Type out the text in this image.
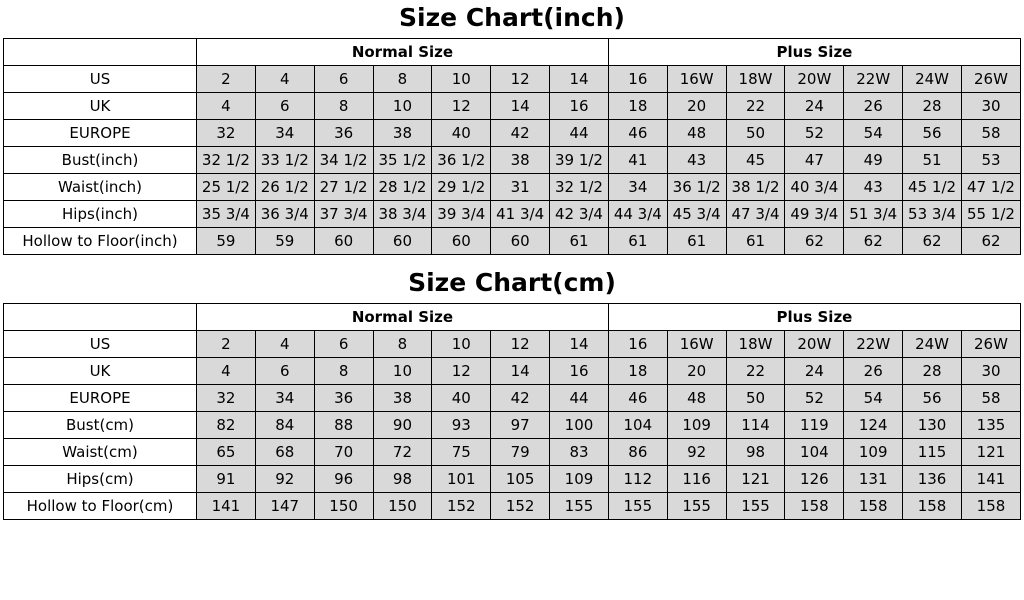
Size Chart(inch)
	Normal Size							Plus Size						
US	2	4	6	8	10	12	14	16	16W	18W	20W	22W	24W	26W
UK	4	6	8	10	12	14	16	18	20	22	24	26	28	30
EUROPE	32	34	36	38	40	42	44	46	48	50	52	54	56	58
Bust(inch)	32 1/2	33 1/2	34 1/2	35 1/2	36 1/2	38	39 1/2	41	43	45	47	49	51	53
Waist(inch)	25 1/2	26 1/2	27 1/2	28 1/2	29 1/2	31	32 1/2	34	36 1/2	38 1/2	40 3/4	43	45 1/2	47 1/2
Hips(inch)	35 3/4	36 3/4	37 3/4	38 3/4	39 3/4	41 3/4	42 3/4	44 3/4	45 3/4	47 3/4	49 3/4	51 3/4	53 3/4	55 1/2
Hollow to Floor(inch)	59	59	60	60	60	60	61	61	61	61	62	62	62	62
Size Chart(cm)
	Normal Size							Plus Size						
US	2	4	6	8	10	12	14	16	16W	18W	20W	22W	24W	26W
UK	4	6	8	10	12	14	16	18	20	22	24	26	28	30
EUROPE	32	34	36	38	40	42	44	46	48	50	52	54	56	58
Bust(cm)	82	84	88	90	93	97	100	104	109	114	119	124	130	135
Waist(cm)	65	68	70	72	75	79	83	86	92	98	104	109	115	121
Hips(cm)	91	92	96	98	101	105	109	112	116	121	126	131	136	141
Hollow to Floor(cm)	141	147	150	150	152	152	155	155	155	155	158	158	158	158
